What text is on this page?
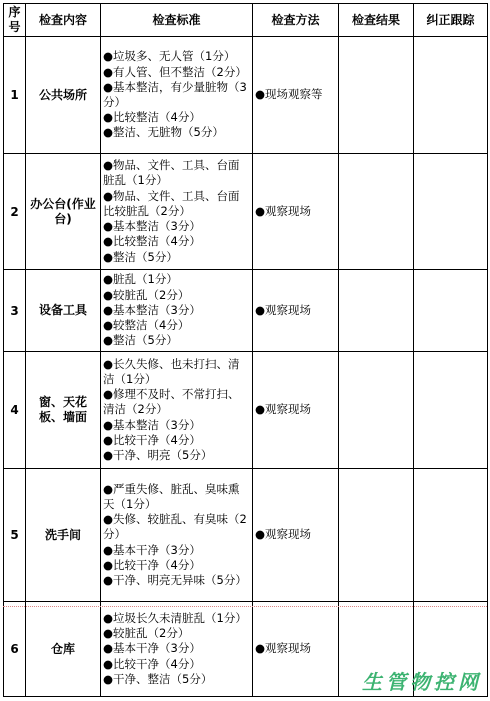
序号	检查内容	检查标准	检查方法	检查结果	纠正跟踪
1	公共场所	●垃圾多、无人管（1分）
●有人管、但不整洁（2分）
●基本整洁，有少量脏物（3分）
●比较整洁（4分）
●整洁、无脏物（5分）	●现场观察等		

2	办公台(作业台)	●物品、文件、工具、台面脏乱（1分）
●物品、文件、工具、台面比较脏乱（2分）
●基本整洁（3分）
●比较整洁（4分）
●整洁（5分）	●观察现场		

3	设备工具	●脏乱（1分）
●较脏乱（2分）
●基本整洁（3分）
●较整洁（4分）
●整洁（5分）	●观察现场		

4	窗、天花板、墙面	●长久失修、也未打扫、清洁（1分）
●修理不及时、不常打扫、清洁（2分）
●基本整洁（3分）
●比较干净（4分）
●干净、明亮（5分）	●观察现场		

5	洗手间	●严重失修、脏乱、臭味熏天（1分）
●失修、较脏乱、有臭味（2分）
●基本干净（3分）
●比较干净（4分）
●干净、明亮无异味（5分）	●观察现场		

6	仓库	●垃圾长久未清脏乱（1分）
●较脏乱（2分）
●基本干净（3分）
●比较干净（4分）
●干净、整洁（5分）	●观察现场		

生管物控网
